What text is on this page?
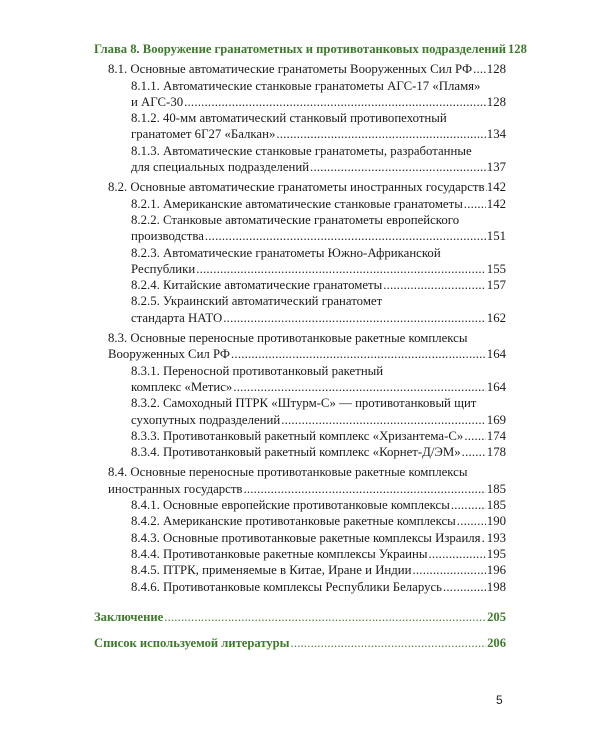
Глава 8. Вооружение гранатометных и противотанковых подразделений 128
8.1. Основные автоматические гранатометы Вооруженных Сил РФ ..... 128
8.1.1. Автоматические станковые гранатометы АГС-17 «Пламя»
и АГС-30 .....	128
8.1.2. 40-мм автоматический станковый противопехотный
гранатомет 6Г27 «Балкан» .....	134
8.1.3. Автоматические станковые гранатометы, разработанные
для специальных подразделений .....	137
8.2. Основные автоматические гранатометы иностранных государств ..... 142
8.2.1. Американские автоматические станковые гранатометы ..... 142
8.2.2. Станковые автоматические гранатометы европейского
производства .....	151
8.2.3. Автоматические гранатометы Южно-Африканской
Республики .....	155
8.2.4. Китайские автоматические гранатометы .....	157
8.2.5. Украинский автоматический гранатомет
стандарта НАТО .....	162
8.3. Основные переносные противотанковые ракетные комплексы
Вооруженных Сил РФ .....	164
8.3.1. Переносной противотанковый ракетный
комплекс «Метис» .....	164
8.3.2. Самоходный ПТРК «Штурм-С» — противотанковый щит
сухопутных подразделений .....	169
8.3.3. Противотанковый ракетный комплекс «Хризантема-С» ..... 174
8.3.4. Противотанковый ракетный комплекс «Корнет-Д/ЭМ» ..... 178
8.4. Основные переносные противотанковые ракетные комплексы
иностранных государств .....	185
8.4.1. Основные европейские противотанковые комплексы .....	185
8.4.2. Американские противотанковые ракетные комплексы ..... 190
8.4.3. Основные противотанковые ракетные комплексы Израиля ..... 193
8.4.4. Противотанковые ракетные комплексы Украины .....	195
8.4.5. ПТРК, применяемые в Китае, Иране и Индии .....	196
8.4.6. Противотанковые комплексы Республики Беларусь .....	198
Заключение .....	205
Список используемой литературы .....	206
5
